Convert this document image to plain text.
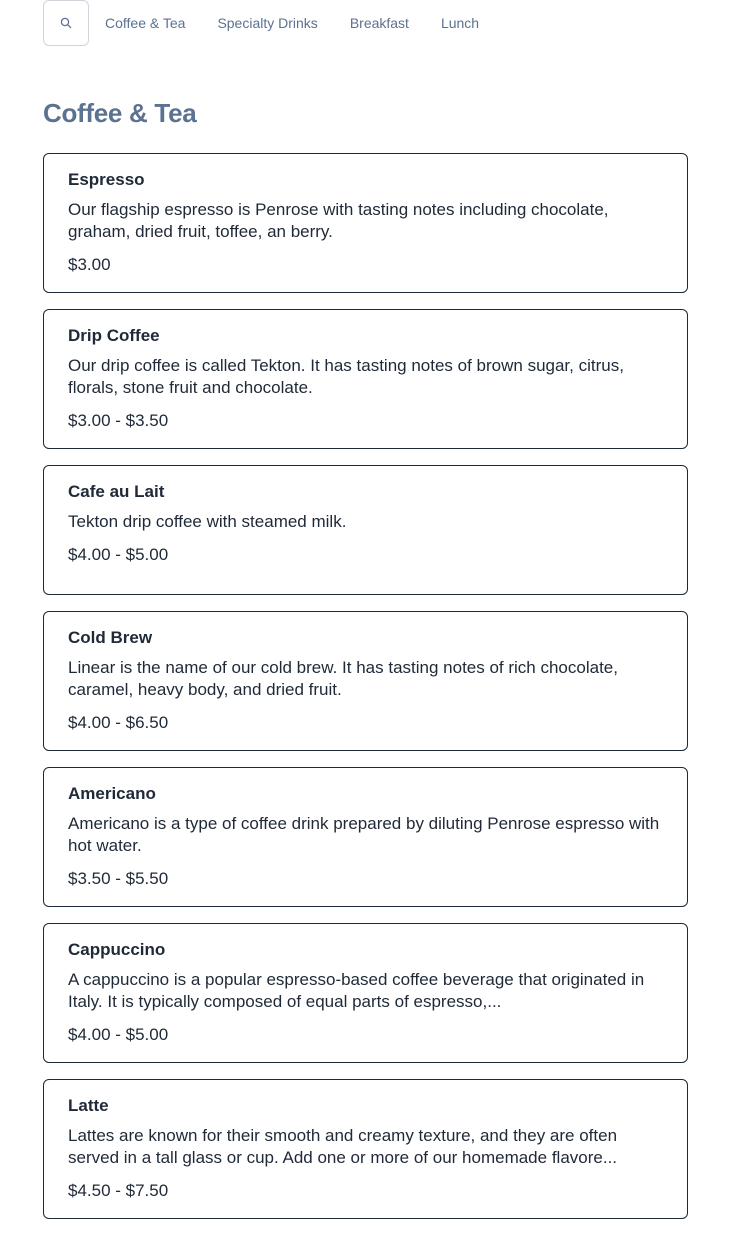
Coffee & Tea Specialty Drinks Breakfast Lunch
Coffee & Tea
Espresso
Our flagship espresso is Penrose with tasting notes including chocolate, graham, dried fruit, toffee, an berry.
$3.00
Drip Coffee
Our drip coffee is called Tekton. It has tasting notes of brown sugar, citrus, florals, stone fruit and chocolate.
$3.00 - $3.50
Cafe au Lait
Tekton drip coffee with steamed milk.
$4.00 - $5.00
Cold Brew
Linear is the name of our cold brew. It has tasting notes of rich chocolate, caramel, heavy body, and dried fruit.
$4.00 - $6.50
Americano
Americano is a type of coffee drink prepared by diluting Penrose espresso with hot water.
$3.50 - $5.50
Cappuccino
A cappuccino is a popular espresso-based coffee beverage that originated in Italy. It is typically composed of equal parts of espresso,...
$4.00 - $5.00
Latte
Lattes are known for their smooth and creamy texture, and they are often served in a tall glass or cup. Add one or more of our homemade flavore...
$4.50 - $7.50
